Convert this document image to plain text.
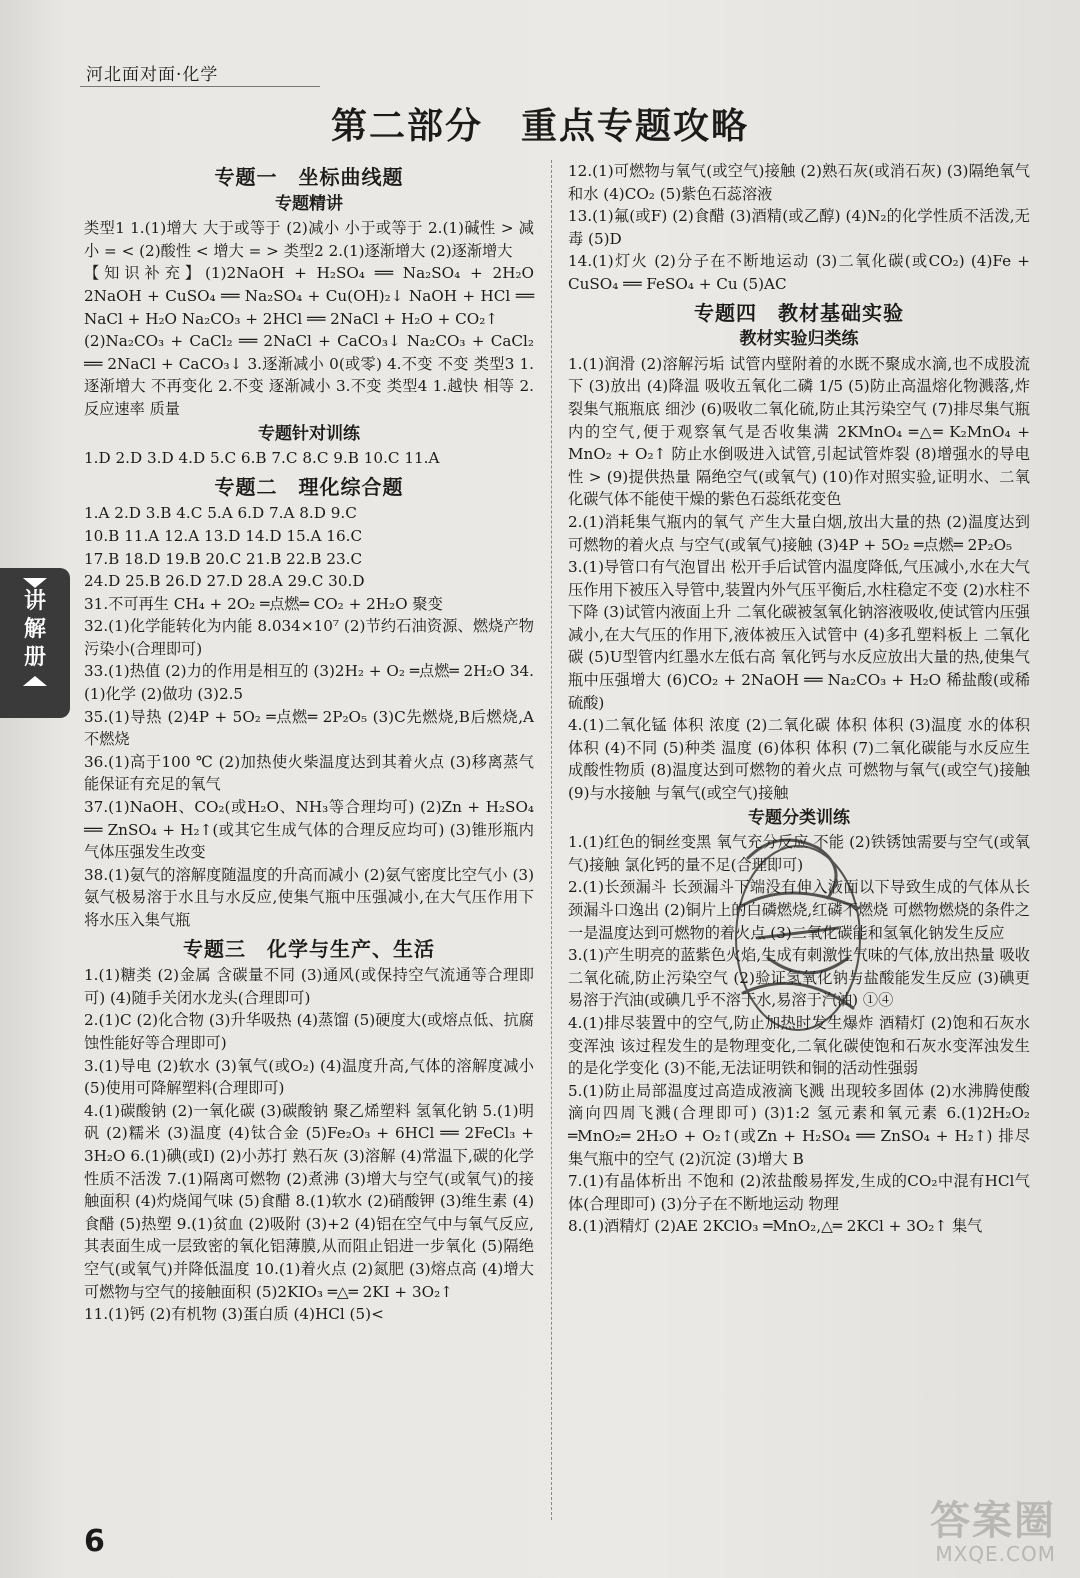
河北面对面·化学
第二部分　重点专题攻略
专题一　坐标曲线题
专题精讲
类型1 1.(1)增大 大于或等于 (2)减小 小于或等于 2.(1)碱性 > 减小 = < (2)酸性 < 增大 = > 类型2 2.(1)逐渐增大 (2)逐渐增大
【知识补充】(1)2NaOH + H₂SO₄ ══ Na₂SO₄ + 2H₂O 2NaOH + CuSO₄ ══ Na₂SO₄ + Cu(OH)₂↓ NaOH + HCl ══ NaCl + H₂O Na₂CO₃ + 2HCl ══ 2NaCl + H₂O + CO₂↑
(2)Na₂CO₃ + CaCl₂ ══ 2NaCl + CaCO₃↓ Na₂CO₃ + CaCl₂ ══ 2NaCl + CaCO₃↓ 3.逐渐减小 0(或零) 4.不变 不变 类型3 1.逐渐增大 不再变化 2.不变 逐渐减小 3.不变 类型4 1.越快 相等 2.反应速率 质量
专题针对训练
1.D 2.D 3.D 4.D 5.C 6.B 7.C 8.C 9.B 10.C 11.A
专题二　理化综合题
1.A 2.D 3.B 4.C 5.A 6.D 7.A 8.D 9.C
10.B 11.A 12.A 13.D 14.D 15.A 16.C
17.B 18.D 19.B 20.C 21.B 22.B 23.C
24.D 25.B 26.D 27.D 28.A 29.C 30.D
31.不可再生 CH₄ + 2O₂ ═点燃═ CO₂ + 2H₂O 聚变
32.(1)化学能转化为内能 8.034×10⁷ (2)节约石油资源、燃烧产物污染小(合理即可)
33.(1)热值 (2)力的作用是相互的 (3)2H₂ + O₂ ═点燃═ 2H₂O 34.(1)化学 (2)做功 (3)2.5
35.(1)导热 (2)4P + 5O₂ ═点燃═ 2P₂O₅ (3)C先燃烧,B后燃烧,A不燃烧
36.(1)高于100 ℃ (2)加热使火柴温度达到其着火点 (3)移离蒸气能保证有充足的氧气
37.(1)NaOH、CO₂(或H₂O、NH₃等合理均可) (2)Zn + H₂SO₄ ══ ZnSO₄ + H₂↑(或其它生成气体的合理反应均可) (3)锥形瓶内气体压强发生改变
38.(1)氨气的溶解度随温度的升高而减小 (2)氨气密度比空气小 (3)氨气极易溶于水且与水反应,使集气瓶中压强减小,在大气压作用下将水压入集气瓶
专题三　化学与生产、生活
1.(1)糖类 (2)金属 含碳量不同 (3)通风(或保持空气流通等合理即可) (4)随手关闭水龙头(合理即可)
2.(1)C (2)化合物 (3)升华吸热 (4)蒸馏 (5)硬度大(或熔点低、抗腐蚀性能好等合理即可)
3.(1)导电 (2)软水 (3)氧气(或O₂) (4)温度升高,气体的溶解度减小 (5)使用可降解塑料(合理即可)
4.(1)碳酸钠 (2)一氧化碳 (3)碳酸钠 聚乙烯塑料 氢氧化钠 5.(1)明矾 (2)糯米 (3)温度 (4)钛合金 (5)Fe₂O₃ + 6HCl ══ 2FeCl₃ + 3H₂O 6.(1)碘(或I) (2)小苏打 熟石灰 (3)溶解 (4)常温下,碳的化学性质不活泼 7.(1)隔离可燃物 (2)煮沸 (3)增大与空气(或氧气)的接触面积 (4)灼烧闻气味 (5)食醋 8.(1)软水 (2)硝酸钾 (3)维生素 (4)食醋 (5)热塑 9.(1)贫血 (2)吸附 (3)+2 (4)铝在空气中与氧气反应,其表面生成一层致密的氧化铝薄膜,从而阻止铝进一步氧化 (5)隔绝空气(或氧气)并降低温度 10.(1)着火点 (2)氮肥 (3)熔点高 (4)增大可燃物与空气的接触面积 (5)2KIO₃ ═△═ 2KI + 3O₂↑
11.(1)钙 (2)有机物 (3)蛋白质 (4)HCl (5)<
12.(1)可燃物与氧气(或空气)接触 (2)熟石灰(或消石灰) (3)隔绝氧气和水 (4)CO₂ (5)紫色石蕊溶液
13.(1)氟(或F) (2)食醋 (3)酒精(或乙醇) (4)N₂的化学性质不活泼,无毒 (5)D
14.(1)灯火 (2)分子在不断地运动 (3)二氧化碳(或CO₂) (4)Fe + CuSO₄ ══ FeSO₄ + Cu (5)AC
专题四　教材基础实验
教材实验归类练
1.(1)润滑 (2)溶解污垢 试管内壁附着的水既不聚成水滴,也不成股流下 (3)放出 (4)降温 吸收五氧化二磷 1/5 (5)防止高温熔化物溅落,炸裂集气瓶瓶底 细沙 (6)吸收二氧化硫,防止其污染空气 (7)排尽集气瓶内的空气,便于观察氧气是否收集满 2KMnO₄ ═△═ K₂MnO₄ + MnO₂ + O₂↑ 防止水倒吸进入试管,引起试管炸裂 (8)增强水的导电性 > (9)提供热量 隔绝空气(或氧气) (10)作对照实验,证明水、二氧化碳气体不能使干燥的紫色石蕊纸花变色
2.(1)消耗集气瓶内的氧气 产生大量白烟,放出大量的热 (2)温度达到可燃物的着火点 与空气(或氧气)接触 (3)4P + 5O₂ ═点燃═ 2P₂O₅
3.(1)导管口有气泡冒出 松开手后试管内温度降低,气压减小,水在大气压作用下被压入导管中,装置内外气压平衡后,水柱稳定不变 (2)水柱不下降 (3)试管内液面上升 二氧化碳被氢氧化钠溶液吸收,使试管内压强减小,在大气压的作用下,液体被压入试管中 (4)多孔塑料板上 二氧化碳 (5)U型管内红墨水左低右高 氧化钙与水反应放出大量的热,使集气瓶中压强增大 (6)CO₂ + 2NaOH ══ Na₂CO₃ + H₂O 稀盐酸(或稀硫酸)
4.(1)二氧化锰 体积 浓度 (2)二氧化碳 体积 体积 (3)温度 水的体积 体积 (4)不同 (5)种类 温度 (6)体积 体积 (7)二氧化碳能与水反应生成酸性物质 (8)温度达到可燃物的着火点 可燃物与氧气(或空气)接触 (9)与水接触 与氧气(或空气)接触
专题分类训练
1.(1)红色的铜丝变黑 氧气充分反应 不能 (2)铁锈蚀需要与空气(或氧气)接触 氯化钙的量不足(合理即可)
2.(1)长颈漏斗 长颈漏斗下端没有伸入液面以下导致生成的气体从长颈漏斗口逸出 (2)铜片上的白磷燃烧,红磷不燃烧 可燃物燃烧的条件之一是温度达到可燃物的着火点 (3)二氧化碳能和氢氧化钠发生反应
3.(1)产生明亮的蓝紫色火焰,生成有刺激性气味的气体,放出热量 吸收二氧化硫,防止污染空气 (2)验证氢氧化钠与盐酸能发生反应 (3)碘更易溶于汽油(或碘几乎不溶于水,易溶于汽油) ①④
4.(1)排尽装置中的空气,防止加热时发生爆炸 酒精灯 (2)饱和石灰水变浑浊 该过程发生的是物理变化,二氧化碳使饱和石灰水变浑浊发生的是化学变化 (3)不能,无法证明铁和铜的活动性强弱
5.(1)防止局部温度过高造成液滴飞溅 出现较多固体 (2)水沸腾使酸滴向四周飞溅(合理即可) (3)1:2 氢元素和氧元素 6.(1)2H₂O₂ ═MnO₂═ 2H₂O + O₂↑(或Zn + H₂SO₄ ══ ZnSO₄ + H₂↑) 排尽集气瓶中的空气 (2)沉淀 (3)增大 B
7.(1)有晶体析出 不饱和 (2)浓盐酸易挥发,生成的CO₂中混有HCl气体(合理即可) (3)分子在不断地运动 物理
8.(1)酒精灯 (2)AE 2KClO₃ ═MnO₂,△═ 2KCl + 3O₂↑ 集气
讲
解
册
6	答案圈
MXQE.COM
